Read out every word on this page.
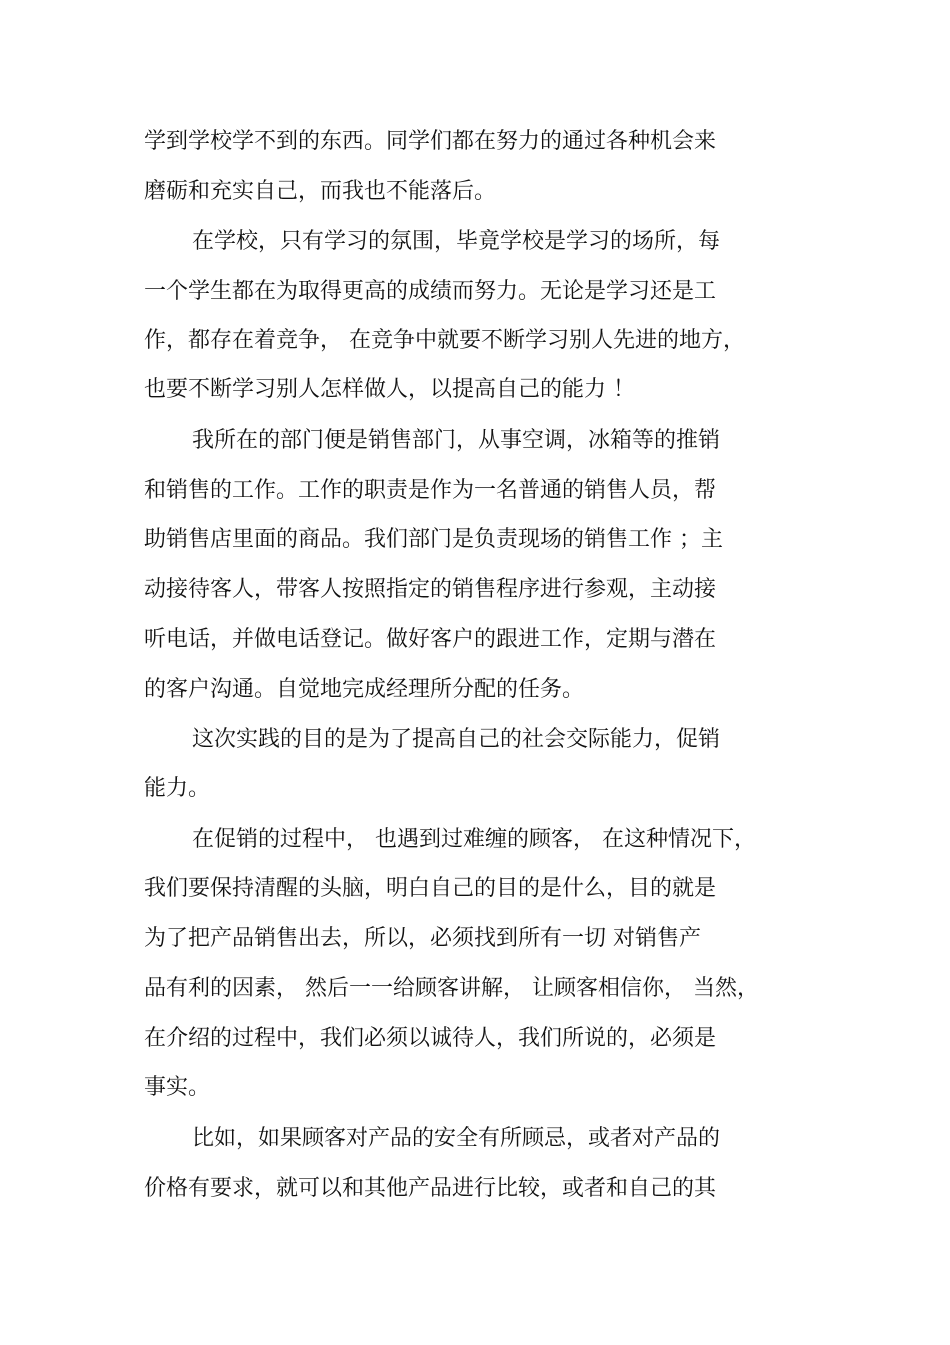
学到学校学不到的东西。同学们都在努力的通过各种机会来
磨砺和充实自己，而我也不能落后。
在学校，只有学习的氛围，毕竟学校是学习的场所，每
一个学生都在为取得更高的成绩而努力。无论是学习还是工
作，都存在着竞争， 在竞争中就要不断学习别人先进的地方，
也要不断学习别人怎样做人，以提高自己的能力 ！
我所在的部门便是销售部门，从事空调，冰箱等的推销
和销售的工作。工作的职责是作为一名普通的销售人员，帮
助销售店里面的商品。我们部门是负责现场的销售工作 ；主
动接待客人，带客人按照指定的销售程序进行参观，主动接
听电话，并做电话登记。做好客户的跟进工作，定期与潜在
的客户沟通。自觉地完成经理所分配的任务。
这次实践的目的是为了提高自己的社会交际能力，促销
能力。
在促销的过程中， 也遇到过难缠的顾客， 在这种情况下，
我们要保持清醒的头脑，明白自己的目的是什么，目的就是
为了把产品销售出去，所以，必须找到所有一切 对销售产
品有利的因素， 然后一一给顾客讲解， 让顾客相信你， 当然，
在介绍的过程中，我们必须以诚待人，我们所说的，必须是
事实。
比如，如果顾客对产品的安全有所顾忌，或者对产品的
价格有要求，就可以和其他产品进行比较，或者和自己的其
